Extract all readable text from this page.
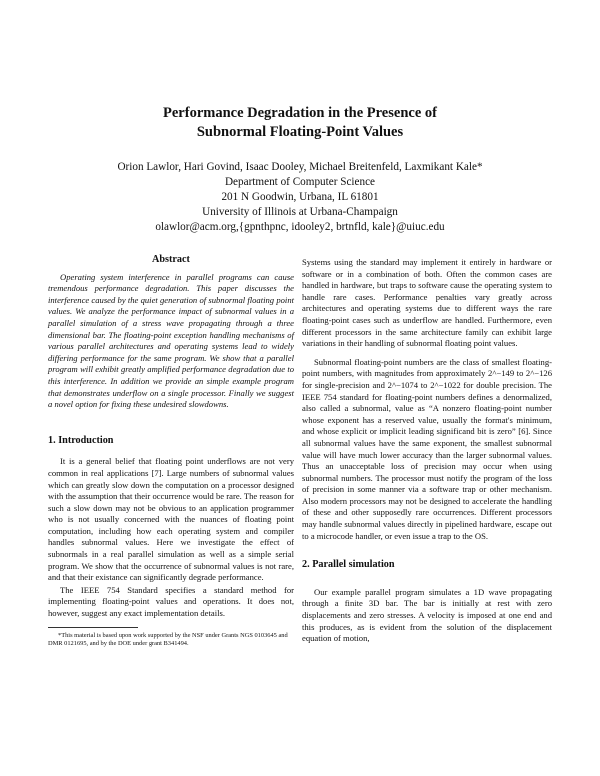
Performance Degradation in the Presence of
Subnormal Floating-Point Values
Orion Lawlor, Hari Govind, Isaac Dooley, Michael Breitenfeld, Laxmikant Kale*
Department of Computer Science
201 N Goodwin, Urbana, IL 61801
University of Illinois at Urbana-Champaign
olawlor@acm.org,{gpnthpnc, idooley2, brtnfld, kale}@uiuc.edu
Abstract

Operating system interference in parallel programs can cause tremendous performance degradation. This paper discusses the interference caused by the quiet generation of subnormal floating point values. We analyze the performance impact of subnormal values in a parallel simulation of a stress wave propagating through a three dimensional bar. The floating-point exception handling mechanisms of various parallel architectures and operating systems lead to widely differing performance for the same program. We show that a parallel program will exhibit greatly amplified performance degradation due to this interference. In addition we provide an simple example program that demonstrates underflow on a single processor. Finally we suggest a novel option for fixing these undesired slowdowns.

1. Introduction

It is a general belief that floating point underflows are not very common in real applications [7]. Large numbers of subnormal values which can greatly slow down the computation on a processor designed with the assumption that their occurrence would be rare. The reason for such a slow down may not be obvious to an application programmer who is not usually concerned with the nuances of floating point computation, including how each operating system and compiler handles subnormal values. Here we investigate the effect of subnormals in a real parallel simulation as well as a simple serial program. We show that the occurrence of subnormal values is not rare, and that their existance can significantly degrade performance.

The IEEE 754 Standard specifies a standard method for implementing floating-point values and operations. It does not, however, suggest any exact implementation details.

*This material is based upon work supported by the NSF under Grants NGS 0103645 and DMR 0121695, and by the DOE under grant B341494.

Systems using the standard may implement it entirely in hardware or software or in a combination of both. Often the common cases are handled in hardware, but traps to software cause the operating system to handle rare cases. Performance penalties vary greatly across architectures and operating systems due to different ways the rare floating-point cases such as underflow are handled. Furthermore, even different processors in the same architecture family can exhibit large variations in their handling of subnormal floating point values.

Subnormal floating-point numbers are the class of smallest floating-point numbers, with magnitudes from approximately 2^−149 to 2^−126 for single-precision and 2^−1074 to 2^−1022 for double precision. The IEEE 754 standard for floating-point numbers defines a denormalized, also called a subnormal, value as “A nonzero floating-point number whose exponent has a reserved value, usually the format's minimum, and whose explicit or implicit leading significand bit is zero” [6]. Since all subnormal values have the same exponent, the smallest subnormal value will have much lower accuracy than the larger subnormal values. Thus an unacceptable loss of precision may occur when using subnormal numbers. The processor must notify the program of the loss of precision in some manner via a software trap or other mechanism. Also modern processors may not be designed to accelerate the handling of these and other supposedly rare occurrences. Different processors may handle subnormal values directly in pipelined hardware, escape out to a microcode handler, or even issue a trap to the OS.

2. Parallel simulation

Our example parallel program simulates a 1D wave propagating through a finite 3D bar. The bar is initially at rest with zero displacements and zero stresses. A velocity is imposed at one end and this produces, as is evident from the solution of the displacement equation of motion,
